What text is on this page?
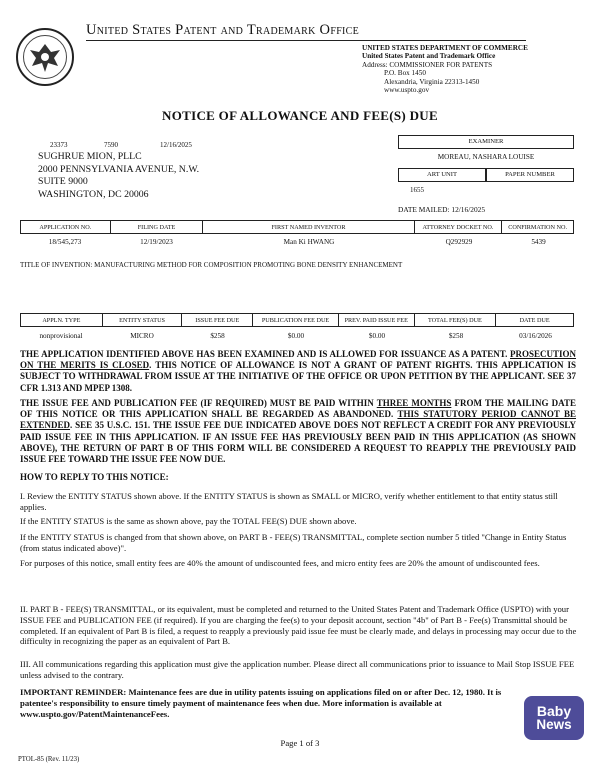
United States Patent and Trademark Office
UNITED STATES DEPARTMENT OF COMMERCE
United States Patent and Trademark Office
Address: COMMISSIONER FOR PATENTS
P.O. Box 1450
Alexandria, Virginia 22313-1450
www.uspto.gov
NOTICE OF ALLOWANCE AND FEE(S) DUE
23373	7590	12/16/2025
SUGHRUE MION, PLLC
2000 PENNSYLVANIA AVENUE, N.W.
SUITE 9000
WASHINGTON, DC 20006
EXAMINER
MOREAU, NASHARA LOUISE
ART UNIT	PAPER NUMBER
1655
DATE MAILED: 12/16/2025
APPLICATION NO.	FILING DATE	FIRST NAMED INVENTOR	ATTORNEY DOCKET NO.	CONFIRMATION NO.
18/545,273	12/19/2023	Man Ki HWANG	Q292929	5439
TITLE OF INVENTION: MANUFACTURING METHOD FOR COMPOSITION PROMOTING BONE DENSITY ENHANCEMENT
APPLN. TYPE	ENTITY STATUS	ISSUE FEE DUE	PUBLICATION FEE DUE	PREV. PAID ISSUE FEE	TOTAL FEE(S) DUE	DATE DUE
nonprovisional	MICRO	$258	$0.00	$0.00	$258	03/16/2026
THE APPLICATION IDENTIFIED ABOVE HAS BEEN EXAMINED AND IS ALLOWED FOR ISSUANCE AS A PATENT. PROSECUTION ON THE MERITS IS CLOSED. THIS NOTICE OF ALLOWANCE IS NOT A GRANT OF PATENT RIGHTS. THIS APPLICATION IS SUBJECT TO WITHDRAWAL FROM ISSUE AT THE INITIATIVE OF THE OFFICE OR UPON PETITION BY THE APPLICANT. SEE 37 CFR 1.313 AND MPEP 1308.
THE ISSUE FEE AND PUBLICATION FEE (IF REQUIRED) MUST BE PAID WITHIN THREE MONTHS FROM THE MAILING DATE OF THIS NOTICE OR THIS APPLICATION SHALL BE REGARDED AS ABANDONED. THIS STATUTORY PERIOD CANNOT BE EXTENDED. SEE 35 U.S.C. 151. THE ISSUE FEE DUE INDICATED ABOVE DOES NOT REFLECT A CREDIT FOR ANY PREVIOUSLY PAID ISSUE FEE IN THIS APPLICATION. IF AN ISSUE FEE HAS PREVIOUSLY BEEN PAID IN THIS APPLICATION (AS SHOWN ABOVE), THE RETURN OF PART B OF THIS FORM WILL BE CONSIDERED A REQUEST TO REAPPLY THE PREVIOUSLY PAID ISSUE FEE TOWARD THE ISSUE FEE NOW DUE.
HOW TO REPLY TO THIS NOTICE:
I. Review the ENTITY STATUS shown above. If the ENTITY STATUS is shown as SMALL or MICRO, verify whether entitlement to that entity status still applies.
If the ENTITY STATUS is the same as shown above, pay the TOTAL FEE(S) DUE shown above.
If the ENTITY STATUS is changed from that shown above, on PART B - FEE(S) TRANSMITTAL, complete section number 5 titled "Change in Entity Status (from status indicated above)".
For purposes of this notice, small entity fees are 40% the amount of undiscounted fees, and micro entity fees are 20% the amount of undiscounted fees.
II. PART B - FEE(S) TRANSMITTAL, or its equivalent, must be completed and returned to the United States Patent and Trademark Office (USPTO) with your ISSUE FEE and PUBLICATION FEE (if required). If you are charging the fee(s) to your deposit account, section "4b" of Part B - Fee(s) Transmittal should be completed. If an equivalent of Part B is filed, a request to reapply a previously paid issue fee must be clearly made, and delays in processing may occur due to the difficulty in recognizing the paper as an equivalent of Part B.
III. All communications regarding this application must give the application number. Please direct all communications prior to issuance to Mail Stop ISSUE FEE unless advised to the contrary.
IMPORTANT REMINDER: Maintenance fees are due in utility patents issuing on applications filed on or after Dec. 12, 1980. It is patentee's responsibility to ensure timely payment of maintenance fees when due. More information is available at www.uspto.gov/PatentMaintenanceFees.	Baby
News
Page 1 of 3
PTOL-85 (Rev. 11/23)
